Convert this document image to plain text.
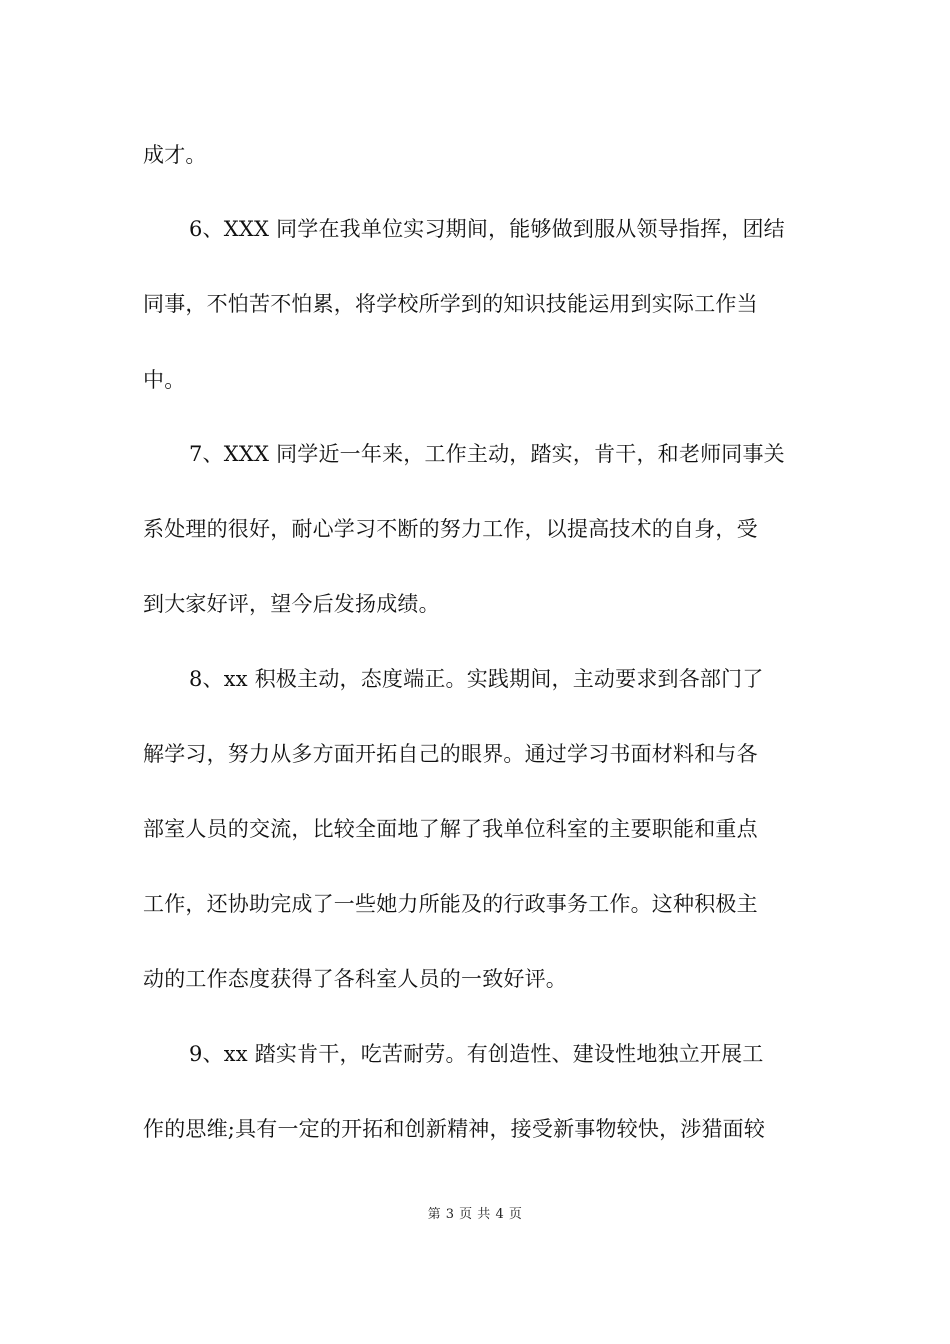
成才。
6、XXX 同学在我单位实习期间，能够做到服从领导指挥，团结
同事，不怕苦不怕累，将学校所学到的知识技能运用到实际工作当
中。
7、XXX 同学近一年来，工作主动，踏实，肯干，和老师同事关
系处理的很好，耐心学习不断的努力工作，以提高技术的自身，受
到大家好评，望今后发扬成绩。
8、xx 积极主动，态度端正。实践期间，主动要求到各部门了
解学习，努力从多方面开拓自己的眼界。通过学习书面材料和与各
部室人员的交流，比较全面地了解了我单位科室的主要职能和重点
工作，还协助完成了一些她力所能及的行政事务工作。这种积极主
动的工作态度获得了各科室人员的一致好评。
9、xx 踏实肯干，吃苦耐劳。有创造性、建设性地独立开展工
作的思维;具有一定的开拓和创新精神，接受新事物较快，涉猎面较
第 3 页 共 4 页
